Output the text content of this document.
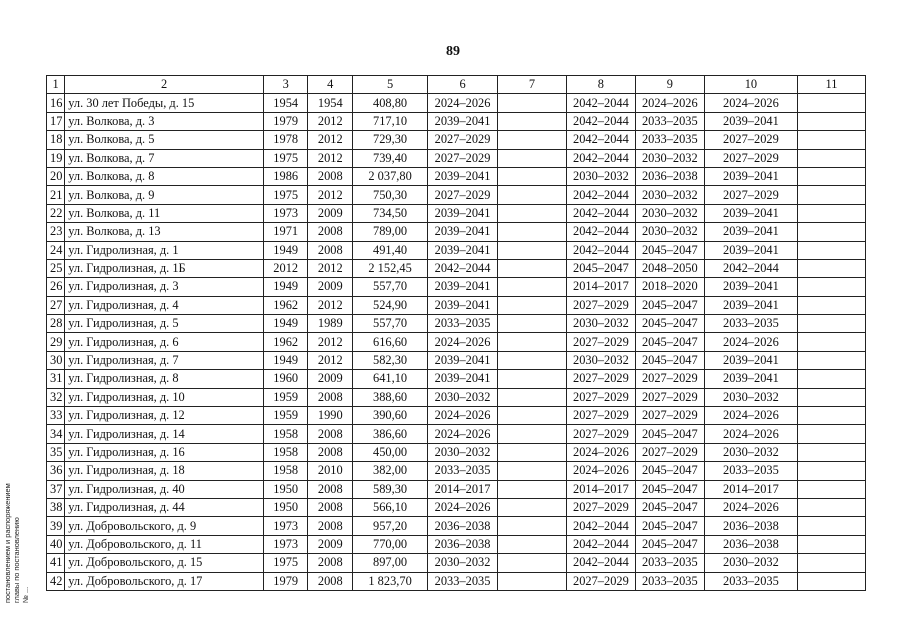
89
постановлением и распоряжением
главы по постановлению
№ ...
1	2	3	4	5	6	7	8	9	10	11
16	ул. 30 лет Победы, д. 15	1954	1954	408,80	2024–2026		2042–2044	2024–2026	2024–2026	
17	ул. Волкова, д. 3	1979	2012	717,10	2039–2041		2042–2044	2033–2035	2039–2041	
18	ул. Волкова, д. 5	1978	2012	729,30	2027–2029		2042–2044	2033–2035	2027–2029	
19	ул. Волкова, д. 7	1975	2012	739,40	2027–2029		2042–2044	2030–2032	2027–2029	
20	ул. Волкова, д. 8	1986	2008	2 037,80	2039–2041		2030–2032	2036–2038	2039–2041	
21	ул. Волкова, д. 9	1975	2012	750,30	2027–2029		2042–2044	2030–2032	2027–2029	
22	ул. Волкова, д. 11	1973	2009	734,50	2039–2041		2042–2044	2030–2032	2039–2041	
23	ул. Волкова, д. 13	1971	2008	789,00	2039–2041		2042–2044	2030–2032	2039–2041	
24	ул. Гидролизная, д. 1	1949	2008	491,40	2039–2041		2042–2044	2045–2047	2039–2041	
25	ул. Гидролизная, д. 1Б	2012	2012	2 152,45	2042–2044		2045–2047	2048–2050	2042–2044	
26	ул. Гидролизная, д. 3	1949	2009	557,70	2039–2041		2014–2017	2018–2020	2039–2041	
27	ул. Гидролизная, д. 4	1962	2012	524,90	2039–2041		2027–2029	2045–2047	2039–2041	
28	ул. Гидролизная, д. 5	1949	1989	557,70	2033–2035		2030–2032	2045–2047	2033–2035	
29	ул. Гидролизная, д. 6	1962	2012	616,60	2024–2026		2027–2029	2045–2047	2024–2026	
30	ул. Гидролизная, д. 7	1949	2012	582,30	2039–2041		2030–2032	2045–2047	2039–2041	
31	ул. Гидролизная, д. 8	1960	2009	641,10	2039–2041		2027–2029	2027–2029	2039–2041	
32	ул. Гидролизная, д. 10	1959	2008	388,60	2030–2032		2027–2029	2027–2029	2030–2032	
33	ул. Гидролизная, д. 12	1959	1990	390,60	2024–2026		2027–2029	2027–2029	2024–2026	
34	ул. Гидролизная, д. 14	1958	2008	386,60	2024–2026		2027–2029	2045–2047	2024–2026	
35	ул. Гидролизная, д. 16	1958	2008	450,00	2030–2032		2024–2026	2027–2029	2030–2032	
36	ул. Гидролизная, д. 18	1958	2010	382,00	2033–2035		2024–2026	2045–2047	2033–2035	
37	ул. Гидролизная, д. 40	1950	2008	589,30	2014–2017		2014–2017	2045–2047	2014–2017	
38	ул. Гидролизная, д. 44	1950	2008	566,10	2024–2026		2027–2029	2045–2047	2024–2026	
39	ул. Добровольского, д. 9	1973	2008	957,20	2036–2038		2042–2044	2045–2047	2036–2038	
40	ул. Добровольского, д. 11	1973	2009	770,00	2036–2038		2042–2044	2045–2047	2036–2038	
41	ул. Добровольского, д. 15	1975	2008	897,00	2030–2032		2042–2044	2033–2035	2030–2032	
42	ул. Добровольского, д. 17	1979	2008	1 823,70	2033–2035		2027–2029	2033–2035	2033–2035	
